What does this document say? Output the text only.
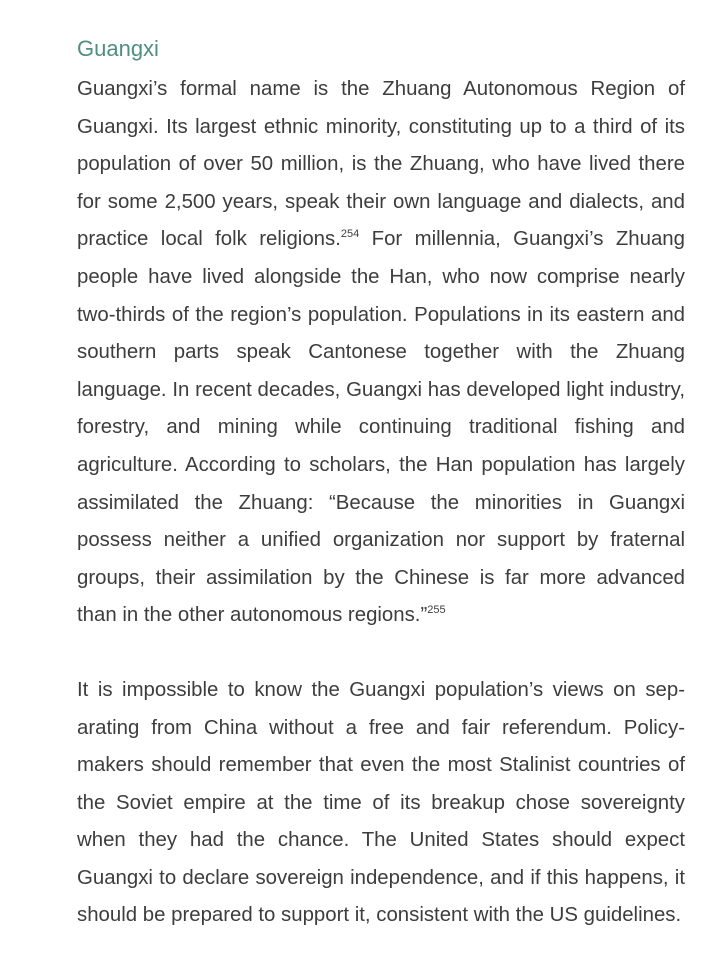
Guangxi

Guangxi’s formal name is the Zhuang Autonomous Region of Guangxi. Its largest ethnic minority, constituting up to a third of its population of over 50 million, is the Zhuang, who have lived there for some 2,500 years, speak their own language and dialects, and practice local folk religions.$^{254}$ For millennia, Guangxi’s Zhuang people have lived alongside the Han, who now comprise nearly two-thirds of the region’s population. Populations in its eastern and southern parts speak Cantonese together with the Zhuang language. In recent decades, Guangxi has developed light industry, forestry, and mining while continuing traditional fishing and agriculture. According to scholars, the Han population has largely assimilated the Zhuang: “Because the minorities in Guangxi possess neither a unified organization nor support by fraternal groups, their assimilation by the Chinese is far more advanced than in the other autonomous regions.”$^{255}$

It is impossible to know the Guangxi population’s views on separating from China without a free and fair referendum. Policymakers should remember that even the most Stalinist countries of the Soviet empire at the time of its breakup chose sovereignty when they had the chance. The United States should expect Guangxi to declare sovereign independence, and if this happens, it should be prepared to support it, consistent with the US guidelines.
